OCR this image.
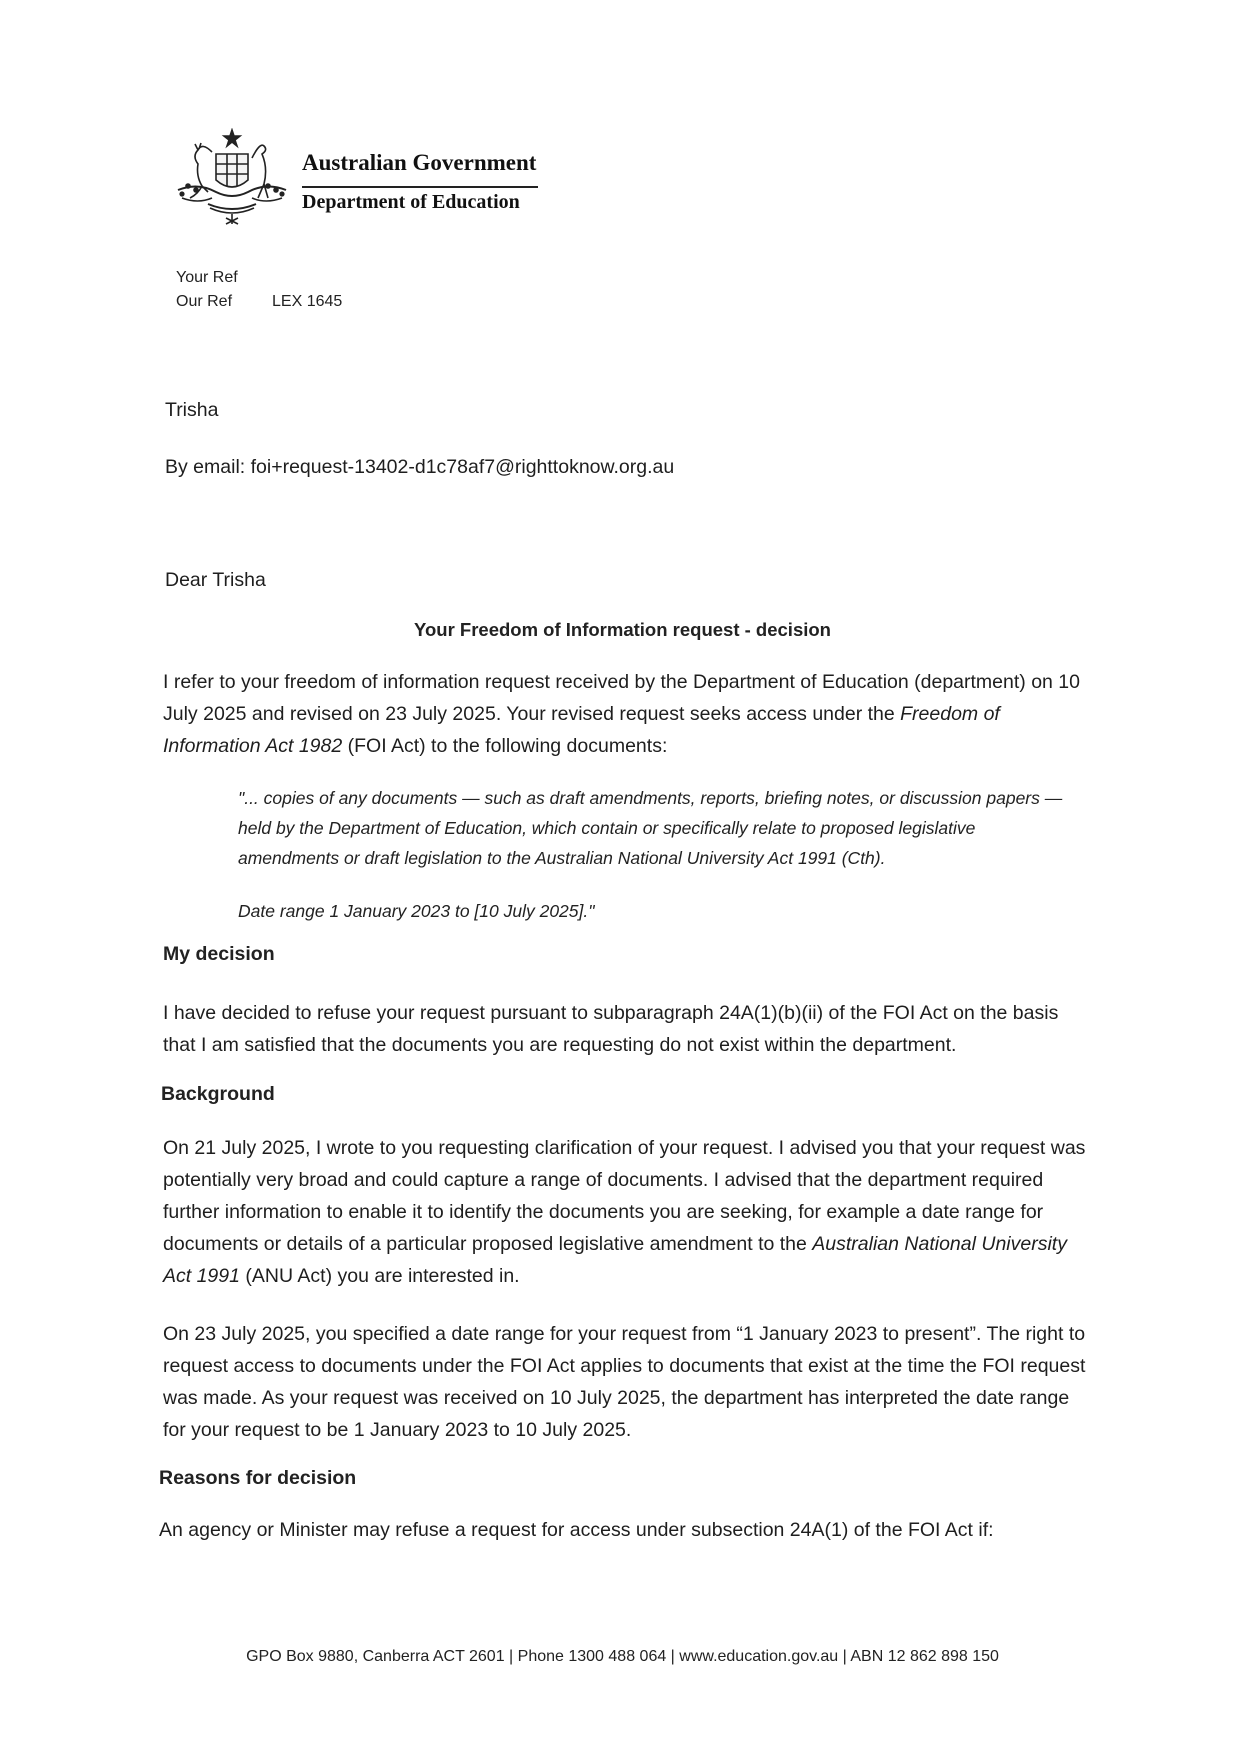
Australian Government
Department of Education
Your Ref
Our Ref LEX 1645
Trisha
By email: foi+request-13402-d1c78af7@righttoknow.org.au
Dear Trisha
Your Freedom of Information request - decision
I refer to your freedom of information request received by the Department of Education (department) on 10 July 2025 and revised on 23 July 2025. Your revised request seeks access under the Freedom of Information Act 1982 (FOI Act) to the following documents:
"... copies of any documents — such as draft amendments, reports, briefing notes, or discussion papers — held by the Department of Education, which contain or specifically relate to proposed legislative amendments or draft legislation to the Australian National University Act 1991 (Cth).
Date range 1 January 2023 to [10 July 2025]."
My decision
I have decided to refuse your request pursuant to subparagraph 24A(1)(b)(ii) of the FOI Act on the basis that I am satisfied that the documents you are requesting do not exist within the department.
Background
On 21 July 2025, I wrote to you requesting clarification of your request. I advised you that your request was potentially very broad and could capture a range of documents. I advised that the department required further information to enable it to identify the documents you are seeking, for example a date range for documents or details of a particular proposed legislative amendment to the Australian National University Act 1991 (ANU Act) you are interested in.
On 23 July 2025, you specified a date range for your request from “1 January 2023 to present”. The right to request access to documents under the FOI Act applies to documents that exist at the time the FOI request was made. As your request was received on 10 July 2025, the department has interpreted the date range for your request to be 1 January 2023 to 10 July 2025.
Reasons for decision
An agency or Minister may refuse a request for access under subsection 24A(1) of the FOI Act if:
GPO Box 9880, Canberra ACT 2601 | Phone 1300 488 064 | www.education.gov.au | ABN 12 862 898 150
